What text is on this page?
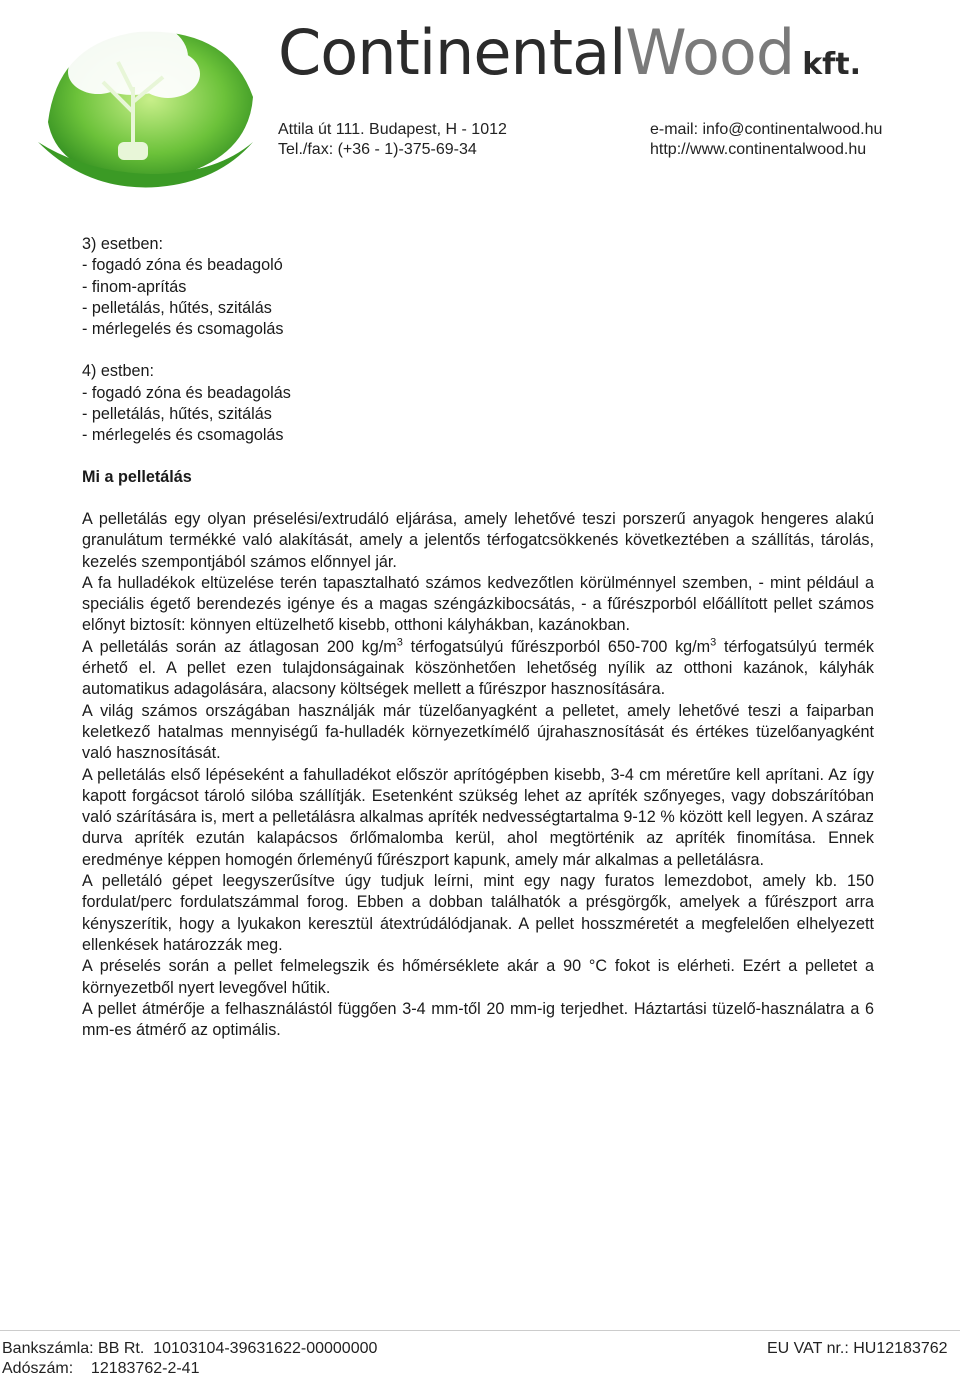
ContinentalWood kft.
Attila út 111. Budapest, H - 1012
Tel./fax: (+36 - 1)-375-69-34
e-mail: info@continentalwood.hu
http://www.continentalwood.hu
3) esetben:
- fogadó zóna és beadagoló
- finom-aprítás
- pelletálás, hűtés, szitálás
- mérlegelés és csomagolás
4) estben:
- fogadó zóna és beadagolás
- pelletálás, hűtés, szitálás
- mérlegelés és csomagolás
Mi a pelletálás

A pelletálás egy olyan préselési/extrudáló eljárása, amely lehetővé teszi porszerű anyagok hengeres alakú granulátum termékké való alakítását, amely a jelentős térfogatcsökkenés következtében a szállítás, tárolás, kezelés szempontjából számos előnnyel jár.

A fa hulladékok eltüzelése terén tapasztalható számos kedvezőtlen körülménnyel szemben, - mint például a speciális égető berendezés igénye és a magas széngázkibocsátás, - a fűrészporból előállított pellet számos előnyt biztosít: könnyen eltüzelhető kisebb, otthoni kályhákban, kazánokban.

A pelletálás során az átlagosan 200 $kg/m^3$ térfogatsúlyú fűrészporból 650-700 $kg/m^3$ térfogatsúlyú termék érhető el. A pellet ezen tulajdonságainak köszönhetően lehetőség nyílik az otthoni kazánok, kályhák automatikus adagolására, alacsony költségek mellett a fűrészpor hasznosítására.

A világ számos országában használják már tüzelőanyagként a pelletet, amely lehetővé teszi a faiparban keletkező hatalmas mennyiségű fa-hulladék környezetkímélő újrahasznosítását és értékes tüzelőanyagként való hasznosítását.

A pelletálás első lépéseként a fahulladékot először aprítógépben kisebb, 3-4 cm méretűre kell aprítani. Az így kapott forgácsot tároló silóba szállítják. Esetenként szükség lehet az apríték szőnyeges, vagy dobszárítóban való szárítására is, mert a pelletálásra alkalmas apríték nedvességtartalma 9-12 % között kell legyen. A száraz durva apríték ezután kalapácsos őrlőmalomba kerül, ahol megtörténik az apríték finomítása. Ennek eredménye képpen homogén őrleményű fűrészport kapunk, amely már alkalmas a pelletálásra.

A pelletáló gépet leegyszerűsítve úgy tudjuk leírni, mint egy nagy furatos lemezdobot, amely kb. 150 fordulat/perc fordulatszámmal forog. Ebben a dobban találhatók a présgörgők, amelyek a fűrészport arra kényszerítik, hogy a lyukakon keresztül átextrúdálódjanak. A pellet hosszméretét a megfelelően elhelyezett ellenkések határozzák meg.

A préselés során a pellet felmelegszik és hőmérséklete akár a 90 °C fokot is elérheti. Ezért a pelletet a környezetből nyert levegővel hűtik.

A pellet átmérője a felhasználástól függően 3-4 mm-től 20 mm-ig terjedhet. Háztartási tüzelő-használatra a 6 mm-es átmérő az optimális.

Bankszámla: BB Rt.  10103104-39631622-00000000
Adószám:    12183762-2-41
EU VAT nr.: HU12183762
